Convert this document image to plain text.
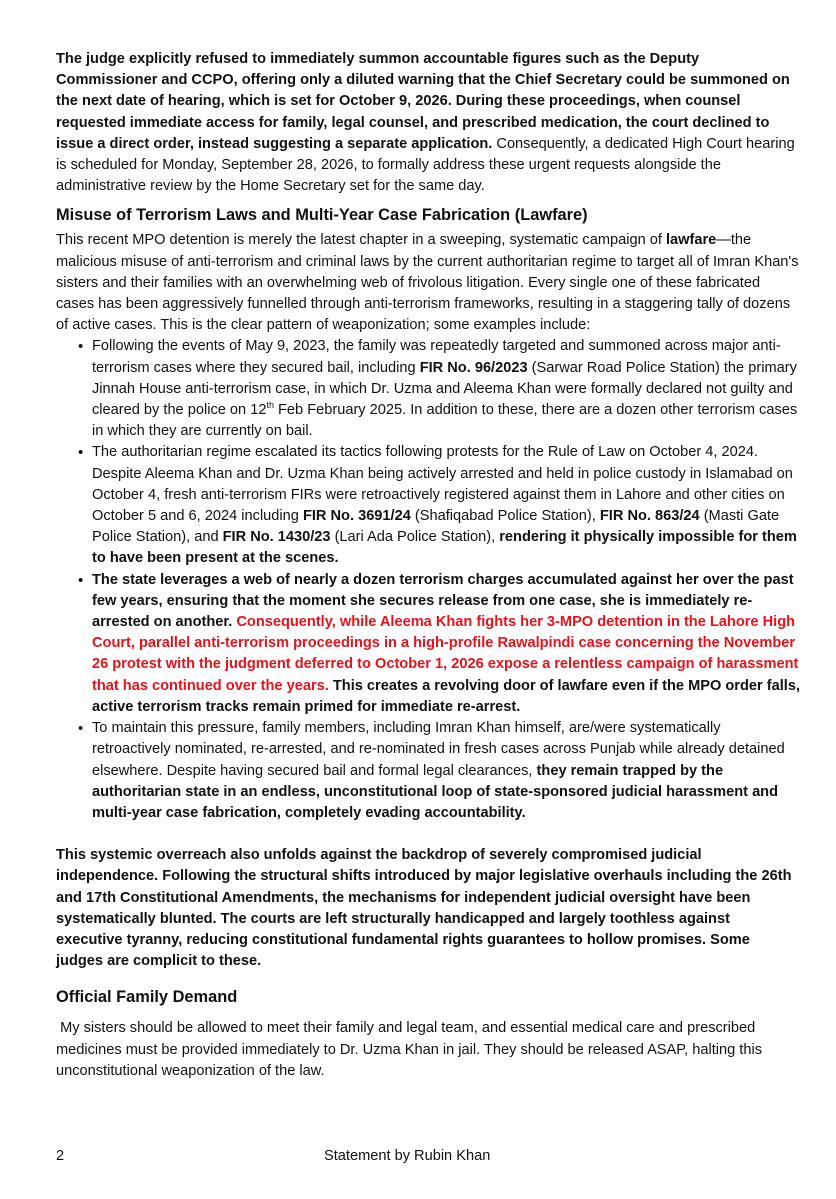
The judge explicitly refused to immediately summon accountable figures such as the Deputy Commissioner and CCPO, offering only a diluted warning that the Chief Secretary could be summoned on the next date of hearing, which is set for October 9, 2026. During these proceedings, when counsel requested immediate access for family, legal counsel, and prescribed medication, the court declined to issue a direct order, instead suggesting a separate application. Consequently, a dedicated High Court hearing is scheduled for Monday, September 28, 2026, to formally address these urgent requests alongside the administrative review by the Home Secretary set for the same day.

Misuse of Terrorism Laws and Multi-Year Case Fabrication (Lawfare)

This recent MPO detention is merely the latest chapter in a sweeping, systematic campaign of lawfare—the malicious misuse of anti-terrorism and criminal laws by the current authoritarian regime to target all of Imran Khan's sisters and their families with an overwhelming web of frivolous litigation. Every single one of these fabricated cases has been aggressively funnelled through anti-terrorism frameworks, resulting in a staggering tally of dozens of active cases. This is the clear pattern of weaponization; some examples include:

• Following the events of May 9, 2023, the family was repeatedly targeted and summoned across major anti-terrorism cases where they secured bail, including FIR No. 96/2023 (Sarwar Road Police Station) the primary Jinnah House anti-terrorism case, in which Dr. Uzma and Aleema Khan were formally declared not guilty and cleared by the police on 12th Feb February 2025. In addition to these, there are a dozen other terrorism cases in which they are currently on bail.
• The authoritarian regime escalated its tactics following protests for the Rule of Law on October 4, 2024. Despite Aleema Khan and Dr. Uzma Khan being actively arrested and held in police custody in Islamabad on October 4, fresh anti-terrorism FIRs were retroactively registered against them in Lahore and other cities on October 5 and 6, 2024 including FIR No. 3691/24 (Shafiqabad Police Station), FIR No. 863/24 (Masti Gate Police Station), and FIR No. 1430/23 (Lari Ada Police Station), rendering it physically impossible for them to have been present at the scenes.
• The state leverages a web of nearly a dozen terrorism charges accumulated against her over the past few years, ensuring that the moment she secures release from one case, she is immediately re-arrested on another. Consequently, while Aleema Khan fights her 3-MPO detention in the Lahore High Court, parallel anti-terrorism proceedings in a high-profile Rawalpindi case concerning the November 26 protest with the judgment deferred to October 1, 2026 expose a relentless campaign of harassment that has continued over the years. This creates a revolving door of lawfare even if the MPO order falls, active terrorism tracks remain primed for immediate re-arrest.
• To maintain this pressure, family members, including Imran Khan himself, are/were systematically retroactively nominated, re-arrested, and re-nominated in fresh cases across Punjab while already detained elsewhere. Despite having secured bail and formal legal clearances, they remain trapped by the authoritarian state in an endless, unconstitutional loop of state-sponsored judicial harassment and multi-year case fabrication, completely evading accountability.

This systemic overreach also unfolds against the backdrop of severely compromised judicial independence. Following the structural shifts introduced by major legislative overhauls including the 26th and 17th Constitutional Amendments, the mechanisms for independent judicial oversight have been systematically blunted. The courts are left structurally handicapped and largely toothless against executive tyranny, reducing constitutional fundamental rights guarantees to hollow promises. Some judges are complicit to these.

Official Family Demand

My sisters should be allowed to meet their family and legal team, and essential medical care and prescribed medicines must be provided immediately to Dr. Uzma Khan in jail. They should be released ASAP, halting this unconstitutional weaponization of the law.

2	Statement by Rubin Khan
